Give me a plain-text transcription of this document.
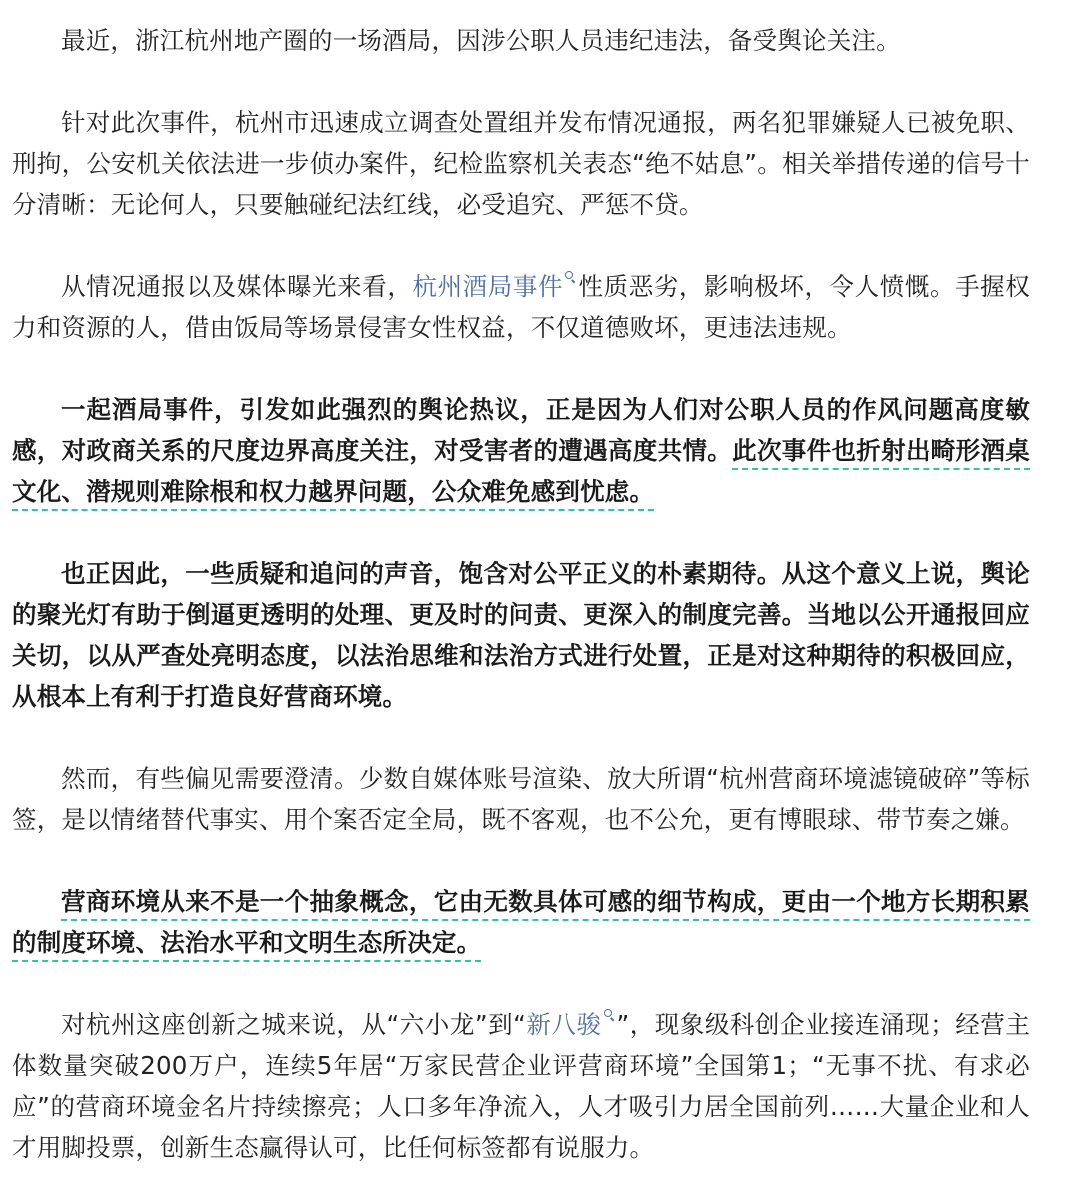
最近，浙江杭州地产圈的一场酒局，因涉公职人员违纪违法，备受舆论关注。

针对此次事件，杭州市迅速成立调查处置组并发布情况通报，两名犯罪嫌疑人已被免职、刑拘，公安机关依法进一步侦办案件，纪检监察机关表态“绝不姑息”。相关举措传递的信号十分清晰：无论何人，只要触碰纪法红线，必受追究、严惩不贷。

从情况通报以及媒体曝光来看，杭州酒局事件 性质恶劣，影响极坏，令人愤慨。手握权力和资源的人，借由饭局等场景侵害女性权益，不仅道德败坏，更违法违规。

一起酒局事件，引发如此强烈的舆论热议，正是因为人们对公职人员的作风问题高度敏感，对政商关系的尺度边界高度关注，对受害者的遭遇高度共情。此次事件也折射出畸形酒桌文化、潜规则难除根和权力越界问题，公众难免感到忧虑。

也正因此，一些质疑和追问的声音，饱含对公平正义的朴素期待。从这个意义上说，舆论的聚光灯有助于倒逼更透明的处理、更及时的问责、更深入的制度完善。当地以公开通报回应关切，以从严查处亮明态度，以法治思维和法治方式进行处置，正是对这种期待的积极回应，从根本上有利于打造良好营商环境。

然而，有些偏见需要澄清。少数自媒体账号渲染、放大所谓“杭州营商环境滤镜破碎”等标签，是以情绪替代事实、用个案否定全局，既不客观，也不公允，更有博眼球、带节奏之嫌。

营商环境从来不是一个抽象概念，它由无数具体可感的细节构成，更由一个地方长期积累的制度环境、法治水平和文明生态所决定。

对杭州这座创新之城来说，从“六小龙”到“新八骏 ”，现象级科创企业接连涌现；经营主体数量突破200万户，连续5年居“万家民营企业评营商环境”全国第1；“无事不扰、有求必应”的营商环境金名片持续擦亮；人口多年净流入，人才吸引力居全国前列……大量企业和人才用脚投票，创新生态赢得认可，比任何标签都有说服力。
